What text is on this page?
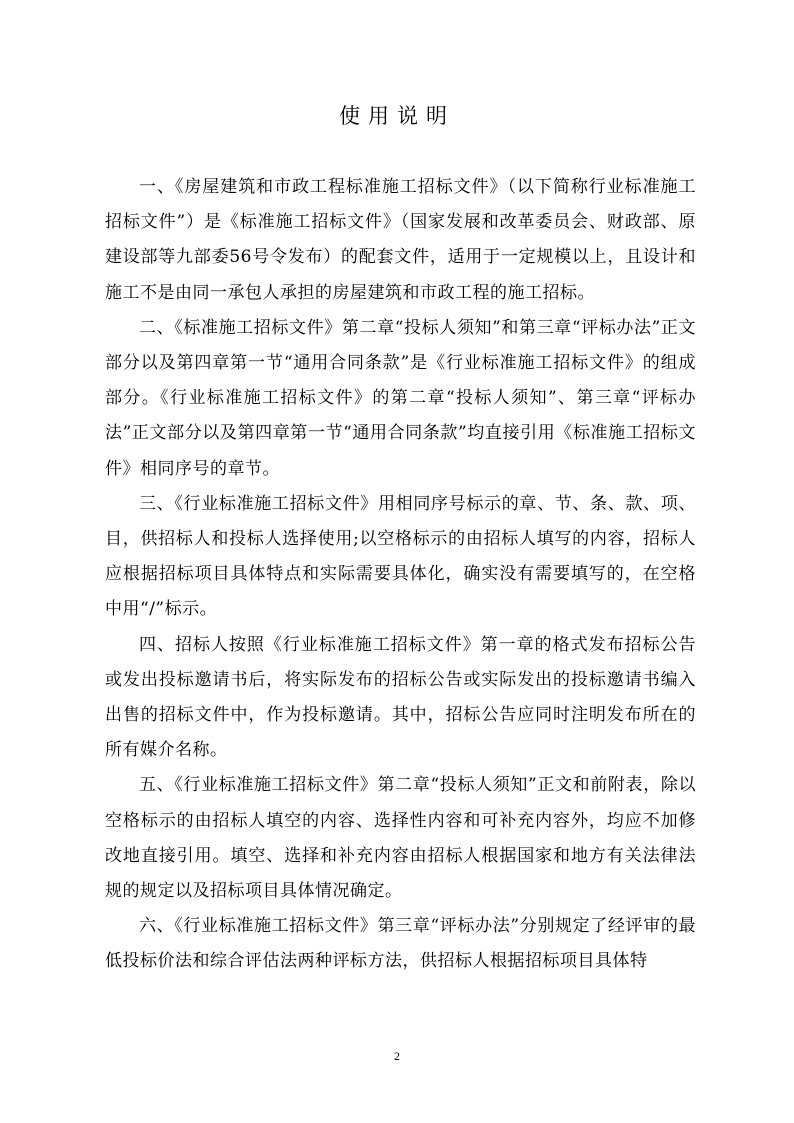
使用说明

一、《房屋建筑和市政工程标准施工招标文件》（以下简称行业标准施工招标文件”）是《标准施工招标文件》（国家发展和改革委员会、财政部、原建设部等九部委56号令发布）的配套文件，适用于一定规模以上，且设计和施工不是由同一承包人承担的房屋建筑和市政工程的施工招标。

二、《标准施工招标文件》第二章“投标人须知”和第三章“评标办法”正文部分以及第四章第一节“通用合同条款”是《行业标准施工招标文件》的组成部分。《行业标准施工招标文件》的第二章“投标人须知”、第三章“评标办法”正文部分以及第四章第一节“通用合同条款”均直接引用《标准施工招标文件》相同序号的章节。

三、《行业标准施工招标文件》用相同序号标示的章、节、条、款、项、目，供招标人和投标人选择使用;以空格标示的由招标人填写的内容，招标人应根据招标项目具体特点和实际需要具体化，确实没有需要填写的，在空格中用“/”标示。

四、招标人按照《行业标准施工招标文件》第一章的格式发布招标公告或发出投标邀请书后，将实际发布的招标公告或实际发出的投标邀请书编入出售的招标文件中，作为投标邀请。其中，招标公告应同时注明发布所在的所有媒介名称。

五、《行业标准施工招标文件》第二章“投标人须知”正文和前附表，除以空格标示的由招标人填空的内容、选择性内容和可补充内容外，均应不加修改地直接引用。填空、选择和补充内容由招标人根据国家和地方有关法律法规的规定以及招标项目具体情况确定。

六、《行业标准施工招标文件》第三章“评标办法”分别规定了经评审的最低投标价法和综合评估法两种评标方法，供招标人根据招标项目具体特

2
